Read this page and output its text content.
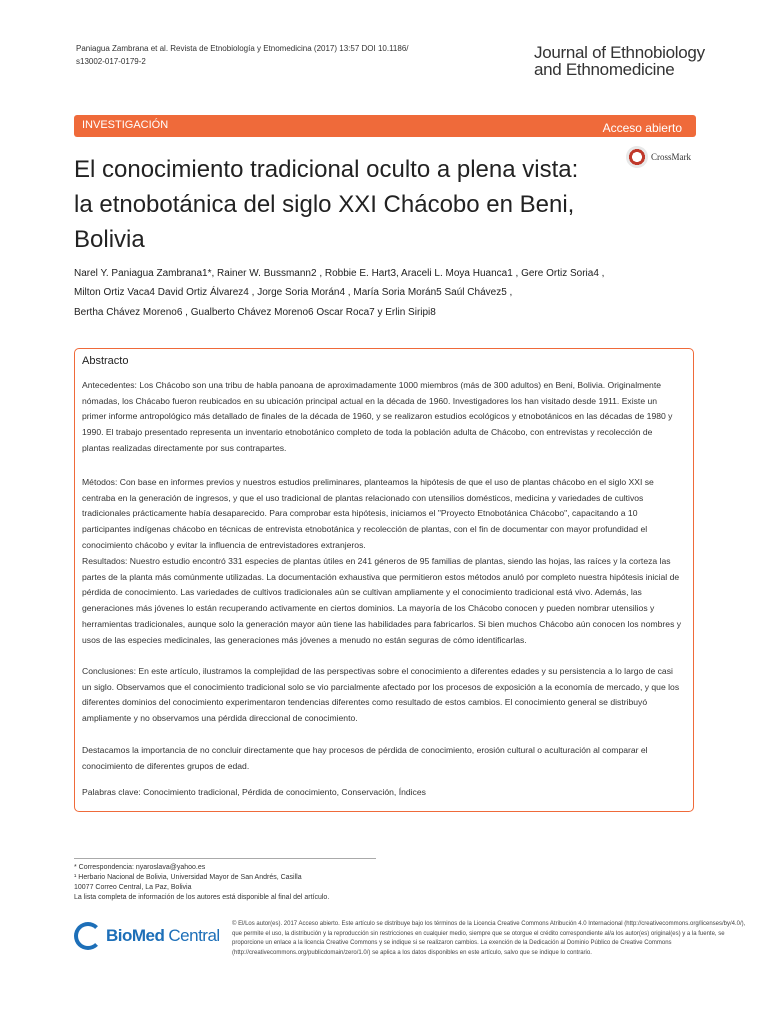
Paniagua Zambrana et al. Revista de Etnobiología y Etnomedicina (2017) 13:57 DOI 10.1186/
s13002-017-0179-2	Journal of Ethnobiology
and Ethnomedicine
INVESTIGACIÓN	Acceso abierto
El conocimiento tradicional oculto a plena vista: la etnobotánica del siglo XXI Chácobo en Beni, Bolivia
CrossMark
Narel Y. Paniagua Zambrana1*, Rainer W. Bussmann2 , Robbie E. Hart3, Araceli L. Moya Huanca1 , Gere Ortiz Soria4 ,
Milton Ortiz Vaca4 David Ortiz Álvarez4 , Jorge Soria Morán4 , María Soria Morán5 Saúl Chávez5 ,
Bertha Chávez Moreno6 , Gualberto Chávez Moreno6 Oscar Roca7 y Erlin Siripi8
Abstracto
Antecedentes: Los Chácobo son una tribu de habla panoana de aproximadamente 1000 miembros (más de 300 adultos) en Beni, Bolivia. Originalmente nómadas, los Chácabo fueron reubicados en su ubicación principal actual en la década de 1960. Investigadores los han visitado desde 1911. Existe un primer informe antropológico más detallado de finales de la década de 1960, y se realizaron estudios ecológicos y etnobotánicos en las décadas de 1980 y 1990. El trabajo presentado representa un inventario etnobotánico completo de toda la población adulta de Chácobo, con entrevistas y recolección de plantas realizadas directamente por sus contrapartes.
Métodos: Con base en informes previos y nuestros estudios preliminares, planteamos la hipótesis de que el uso de plantas chácobo en el siglo XXI se centraba en la generación de ingresos, y que el uso tradicional de plantas relacionado con utensilios domésticos, medicina y variedades de cultivos tradicionales prácticamente había desaparecido. Para comprobar esta hipótesis, iniciamos el "Proyecto Etnobotánica Chácobo", capacitando a 10 participantes indígenas chácobo en técnicas de entrevista etnobotánica y recolección de plantas, con el fin de documentar con mayor profundidad el conocimiento chácobo y evitar la influencia de entrevistadores extranjeros.
Resultados: Nuestro estudio encontró 331 especies de plantas útiles en 241 géneros de 95 familias de plantas, siendo las hojas, las raíces y la corteza las partes de la planta más comúnmente utilizadas. La documentación exhaustiva que permitieron estos métodos anuló por completo nuestra hipótesis inicial de pérdida de conocimiento. Las variedades de cultivos tradicionales aún se cultivan ampliamente y el conocimiento tradicional está vivo. Además, las generaciones más jóvenes lo están recuperando activamente en ciertos dominios. La mayoría de los Chácobo conocen y pueden nombrar utensilios y herramientas tradicionales, aunque solo la generación mayor aún tiene las habilidades para fabricarlos. Si bien muchos Chácobo aún conocen los nombres y usos de las especies medicinales, las generaciones más jóvenes a menudo no están seguras de cómo identificarlas.
Conclusiones: En este artículo, ilustramos la complejidad de las perspectivas sobre el conocimiento a diferentes edades y su persistencia a lo largo de casi un siglo. Observamos que el conocimiento tradicional solo se vio parcialmente afectado por los procesos de exposición a la economía de mercado, y que los diferentes dominios del conocimiento experimentaron tendencias diferentes como resultado de estos cambios. El conocimiento general se distribuyó ampliamente y no observamos una pérdida direccional de conocimiento.
Destacamos la importancia de no concluir directamente que hay procesos de pérdida de conocimiento, erosión cultural o aculturación al comparar el conocimiento de diferentes grupos de edad.
Palabras clave: Conocimiento tradicional, Pérdida de conocimiento, Conservación, Índices
* Correspondencia: nyaroslava@yahoo.es
¹ Herbario Nacional de Bolivia, Universidad Mayor de San Andrés, Casilla
10077 Correo Central, La Paz, Bolivia
La lista completa de información de los autores está disponible al final del artículo.
BioMed Central
© El/Los autor(es). 2017 Acceso abierto. Este artículo se distribuye bajo los términos de la Licencia Creative Commons Atribución 4.0 Internacional (http://creativecommons.org/licenses/by/4.0/), que permite el uso, la distribución y la reproducción sin restricciones en cualquier medio, siempre que se otorgue el crédito correspondiente al/a los autor(es) original(es) y a la fuente, se proporcione un enlace a la licencia Creative Commons y se indique si se realizaron cambios. La exención de la Dedicación al Dominio Público de Creative Commons (http://creativecommons.org/publicdomain/zero/1.0/) se aplica a los datos disponibles en este artículo, salvo que se indique lo contrario.
